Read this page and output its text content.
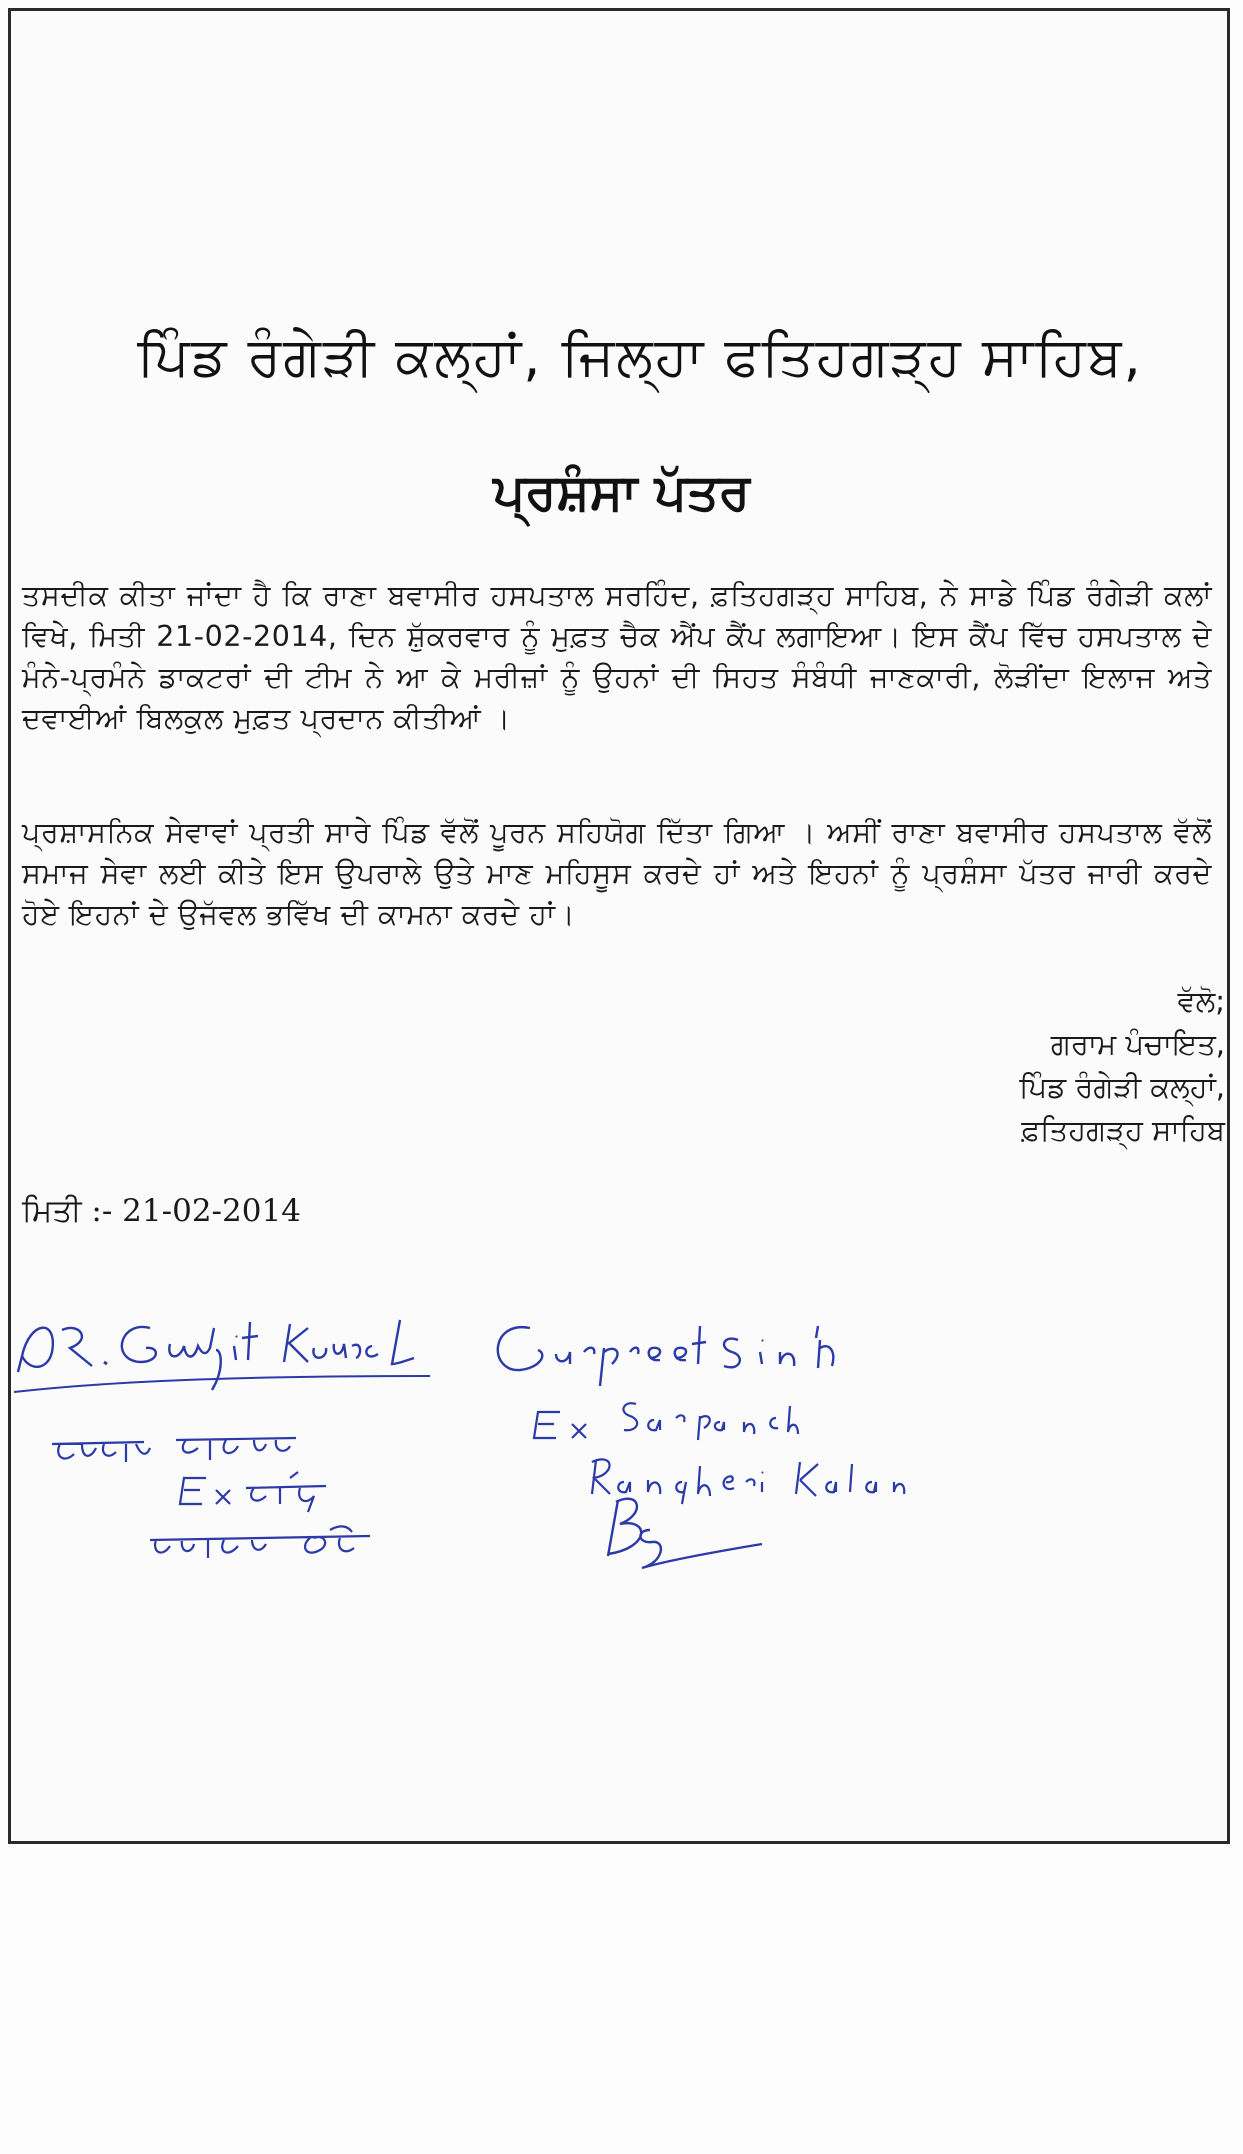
ਪਿੰਡ ਰੰਗੇੜੀ ਕਲ੍ਹਾਂ, ਜਿਲ੍ਹਾ ਫਤਿਹਗੜ੍ਹ ਸਾਹਿਬ,
ਪ੍ਰਸ਼ੰਸਾ ਪੱਤਰ
ਤਸਦੀਕ ਕੀਤਾ ਜਾਂਦਾ ਹੈ ਕਿ ਰਾਣਾ ਬਵਾਸੀਰ ਹਸਪਤਾਲ ਸਰਹਿੰਦ, ਫ਼ਤਿਹਗੜ੍ਹ ਸਾਹਿਬ, ਨੇ ਸਾਡੇ ਪਿੰਡ ਰੰਗੇੜੀ ਕਲਾਂ ਵਿਖੇ, ਮਿਤੀ 21-02-2014, ਦਿਨ ਸ਼ੁੱਕਰਵਾਰ ਨੂੰ ਮੁਫ਼ਤ ਚੈਕ ਐਂਪ ਕੈਂਪ ਲਗਾਇਆ। ਇਸ ਕੈਂਪ ਵਿੱਚ ਹਸਪਤਾਲ ਦੇ ਮੰਨੇ-ਪ੍ਰਮੰਨੇ ਡਾਕਟਰਾਂ ਦੀ ਟੀਮ ਨੇ ਆ ਕੇ ਮਰੀਜ਼ਾਂ ਨੂੰ ਉਹਨਾਂ ਦੀ ਸਿਹਤ ਸੰਬੰਧੀ ਜਾਣਕਾਰੀ, ਲੋੜੀਂਦਾ ਇਲਾਜ ਅਤੇ ਦਵਾਈਆਂ ਬਿਲਕੁਲ ਮੁਫ਼ਤ ਪ੍ਰਦਾਨ ਕੀਤੀਆਂ ।
ਪ੍ਰਸ਼ਾਸਨਿਕ ਸੇਵਾਵਾਂ ਪ੍ਰਤੀ ਸਾਰੇ ਪਿੰਡ ਵੱਲੋਂ ਪੂਰਨ ਸਹਿਯੋਗ ਦਿੱਤਾ ਗਿਆ । ਅਸੀਂ ਰਾਣਾ ਬਵਾਸੀਰ ਹਸਪਤਾਲ ਵੱਲੋਂ ਸਮਾਜ ਸੇਵਾ ਲਈ ਕੀਤੇ ਇਸ ਉਪਰਾਲੇ ਉਤੇ ਮਾਣ ਮਹਿਸੂਸ ਕਰਦੇ ਹਾਂ ਅਤੇ ਇਹਨਾਂ ਨੂੰ ਪ੍ਰਸ਼ੰਸਾ ਪੱਤਰ ਜਾਰੀ ਕਰਦੇ ਹੋਏ ਇਹਨਾਂ ਦੇ ਉਜੱਵਲ ਭਵਿੱਖ ਦੀ ਕਾਮਨਾ ਕਰਦੇ ਹਾਂ।
ਵੱਲੋ;
ਗਰਾਮ ਪੰਚਾਇਤ,
ਪਿੰਡ ਰੰਗੇੜੀ ਕਲ੍ਹਾਂ,
ਫ਼ਤਿਹਗੜ੍ਹ ਸਾਹਿਬ
ਮਿਤੀ :- 21-02-2014
